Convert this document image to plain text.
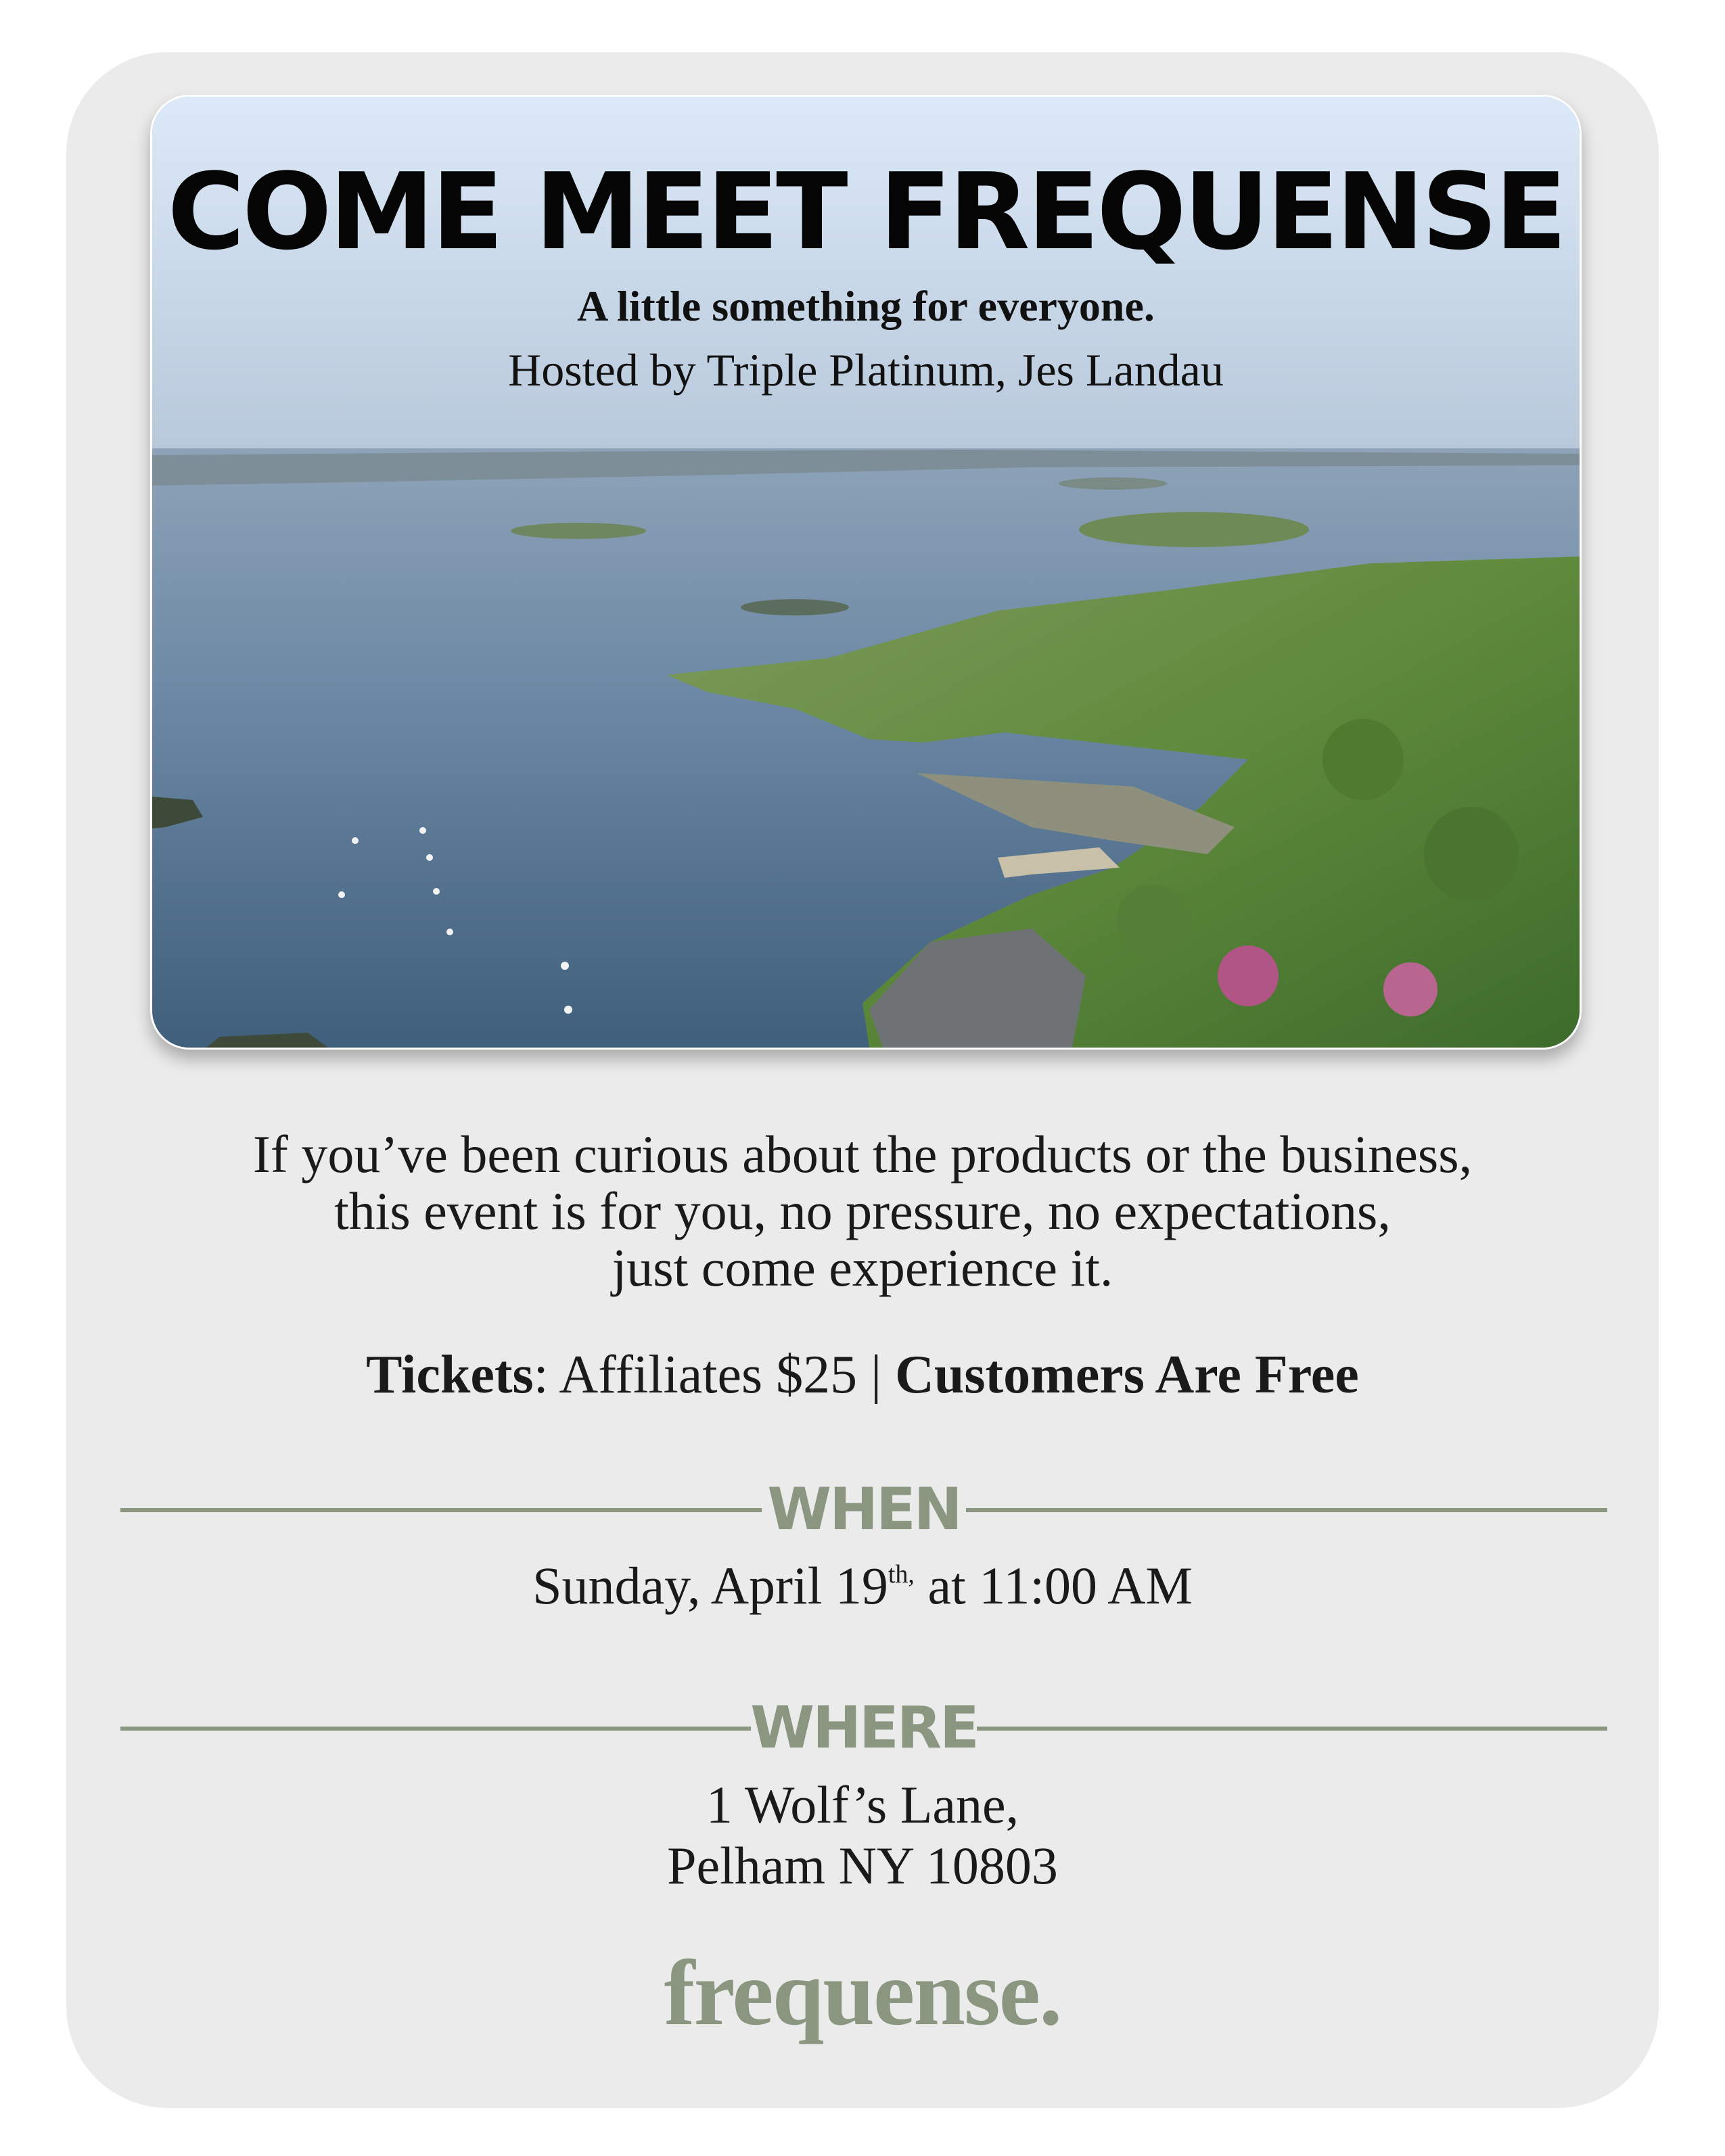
COME MEET FREQUENSE
A little something for everyone.
Hosted by Triple Platinum, Jes Landau
If you’ve been curious about the products or the business,
this event is for you, no pressure, no expectations,
just come experience it.
Tickets: Affiliates $25 | Customers Are Free
WHEN
Sunday, April $19^{th,}$ at 11:00 AM
WHERE
1 Wolf’s Lane,
Pelham NY 10803
frequense.
